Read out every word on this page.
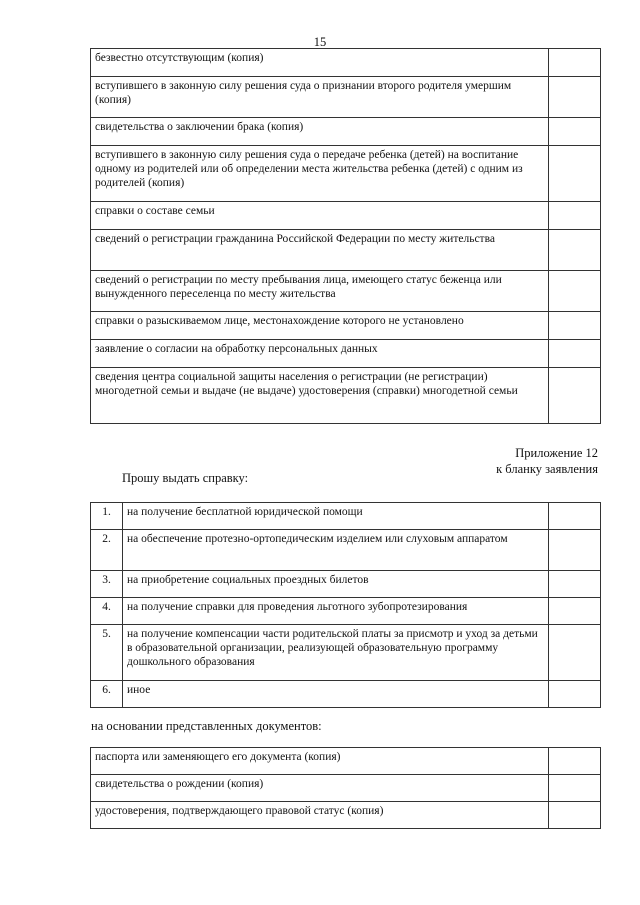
15
безвестно отсутствующим (копия)	
вступившего в законную силу решения суда о признании второго родителя умершим (копия)	
свидетельства о заключении брака (копия)	
вступившего в законную силу решения суда о передаче ребенка (детей) на воспитание одному из родителей или об определении места жительства ребенка (детей) с одним из родителей (копия)	
справки о составе семьи	
сведений о регистрации гражданина Российской Федерации по месту жительства	
сведений о регистрации по месту пребывания лица, имеющего статус беженца или вынужденного переселенца по месту жительства	
справки о разыскиваемом лице, местонахождение которого не установлено	
заявление о согласии на обработку персональных данных	
сведения центра социальной защиты населения о регистрации (не регистрации) многодетной семьи и выдаче (не выдаче) удостоверения (справки) многодетной семьи	
Приложение 12
к бланку заявления
Прошу выдать справку:
1.	на получение бесплатной юридической помощи	
2.	на обеспечение протезно-ортопедическим изделием или слуховым аппаратом	
3.	на приобретение социальных проездных билетов	
4.	на получение справки для проведения льготного зубопротезирования	
5.	на получение компенсации части родительской платы за присмотр и уход за детьми в образовательной организации, реализующей образовательную программу дошкольного образования	
6.	иное	
на основании представленных документов:
паспорта или заменяющего его документа (копия)	
свидетельства о рождении (копия)	
удостоверения, подтверждающего правовой статус (копия)	
